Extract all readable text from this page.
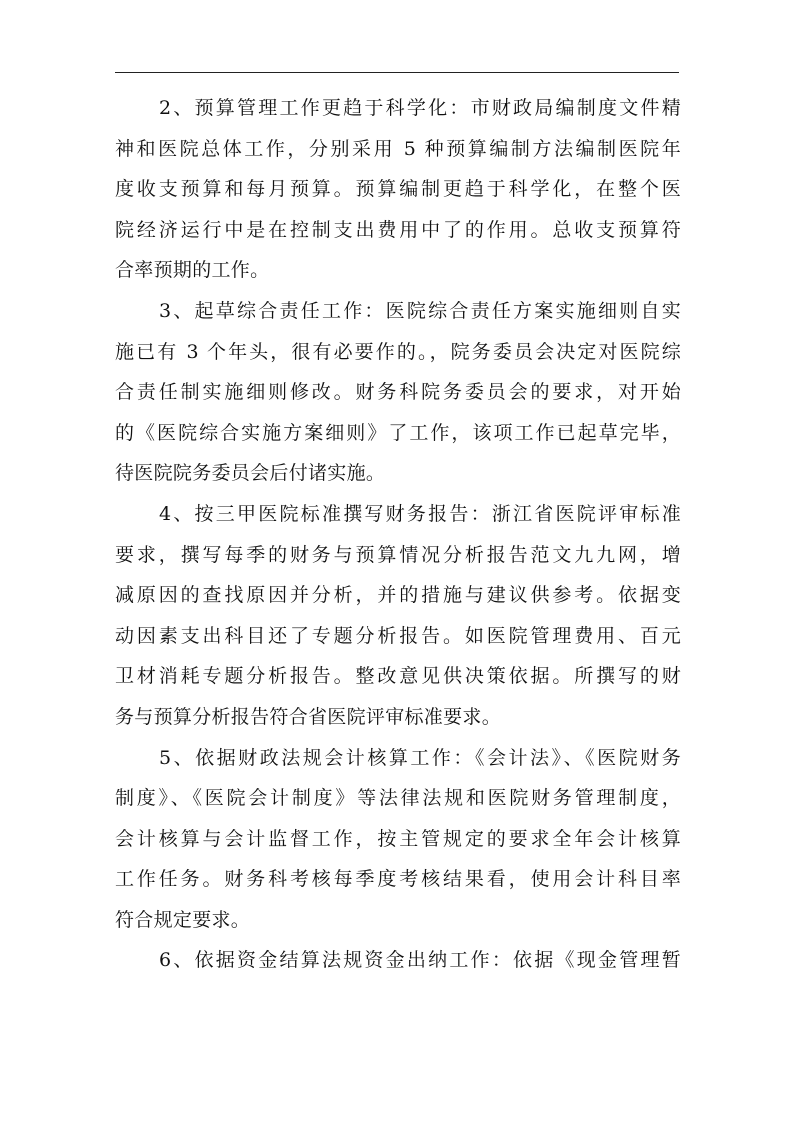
2、预算管理工作更趋于科学化：市财政局编制度文件精
神和医院总体工作，分别采用 5 种预算编制方法编制医院年
度收支预算和每月预算。预算编制更趋于科学化，在整个医
院经济运行中是在控制支出费用中了的作用。总收支预算符
合率预期的工作。
3、起草综合责任工作：医院综合责任方案实施细则自实
施已有 3 个年头，很有必要作的。，院务委员会决定对医院综
合责任制实施细则修改。财务科院务委员会的要求，对开始
的《医院综合实施方案细则》了工作，该项工作已起草完毕，
待医院院务委员会后付诸实施。
4、按三甲医院标准撰写财务报告：浙江省医院评审标准
要求，撰写每季的财务与预算情况分析报告范文九九网，增
减原因的查找原因并分析，并的措施与建议供参考。依据变
动因素支出科目还了专题分析报告。如医院管理费用、百元
卫材消耗专题分析报告。整改意见供决策依据。所撰写的财
务与预算分析报告符合省医院评审标准要求。
5、依据财政法规会计核算工作：《会计法》、《医院财务
制度》、《医院会计制度》等法律法规和医院财务管理制度，
会计核算与会计监督工作，按主管规定的要求全年会计核算
工作任务。财务科考核每季度考核结果看，使用会计科目率
符合规定要求。
6、依据资金结算法规资金出纳工作：依据《现金管理暂
